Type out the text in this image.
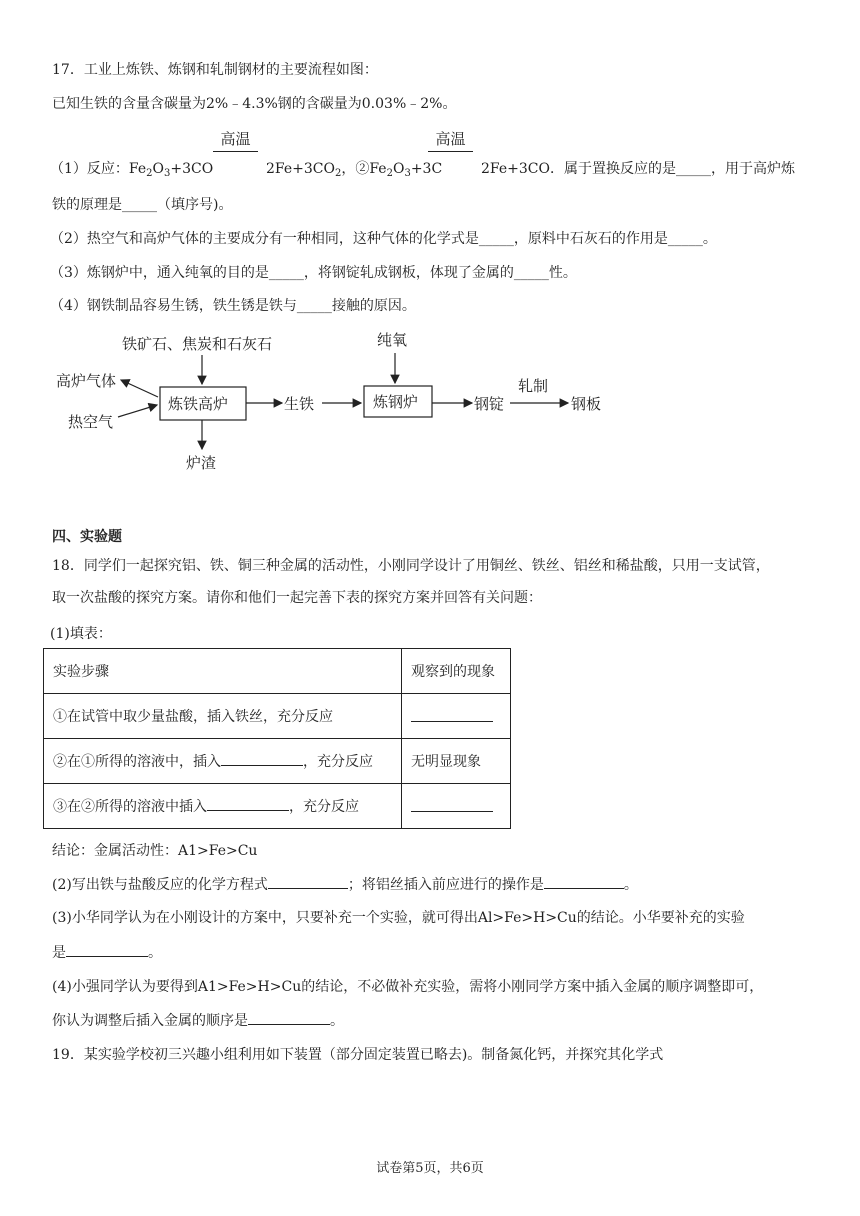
17．工业上炼铁、炼钢和轧制钢材的主要流程如图：
已知生铁的含量含碳量为2%﹣4.3%钢的含碳量为0.03%﹣2%。
高温	高温
（1）反应：$Fe_2O_3+3CO$	$2Fe+3CO_2$，$②Fe_2O_3+3C$	2Fe+3CO．属于置换反应的是_____，用于高炉炼
铁的原理是_____（填序号)。
（2）热空气和高炉气体的主要成分有一种相同，这种气体的化学式是_____，原料中石灰石的作用是_____。
（3）炼钢炉中，通入纯氧的目的是_____，将钢锭轧成钢板，体现了金属的_____性。
（4）钢铁制品容易生锈，铁生锈是铁与_____接触的原因。
铁矿石、焦炭和石灰石
炼铁高炉
高炉气体
热空气
炉渣
生铁
纯氧
炼钢炉	钢锭
轧制
钢板
四、实验题
18．同学们一起探究铝、铁、铜三种金属的活动性，小刚同学设计了用铜丝、铁丝、铝丝和稀盐酸，只用一支试管，
取一次盐酸的探究方案。请你和他们一起完善下表的探究方案并回答有关问题：
(1)填表：
实验步骤	观察到的现象
①在试管中取少量盐酸，插入铁丝，充分反应	
②在①所得的溶液中，插入 ，充分反应	无明显现象
③在②所得的溶液中插入 ，充分反应	
结论：金属活动性：A1>Fe>Cu
(2)写出铁与盐酸反应的化学方程式	；将铝丝插入前应进行的操作是	。
(3)小华同学认为在小刚设计的方案中，只要补充一个实验，就可得出Al>Fe>H>Cu的结论。小华要补充的实验
是	。
(4)小强同学认为要得到A1>Fe>H>Cu的结论，不必做补充实验，需将小刚同学方案中插入金属的顺序调整即可，
你认为调整后插入金属的顺序是	。
19．某实验学校初三兴趣小组利用如下装置（部分固定装置已略去)。制备氮化钙，并探究其化学式
试卷第5页，共6页
